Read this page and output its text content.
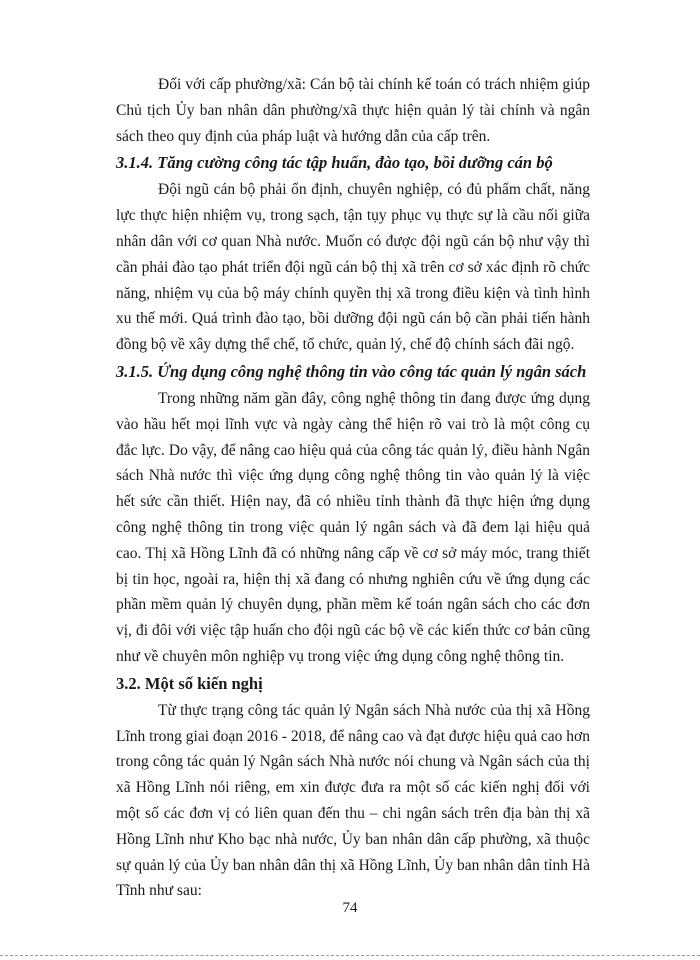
Đối với cấp phường/xã: Cán bộ tài chính kế toán có trách nhiệm giúp Chủ tịch Ủy ban nhân dân phường/xã thực hiện quản lý tài chính và ngân sách theo quy định của pháp luật và hướng dẫn của cấp trên.

3.1.4. Tăng cường công tác tập huấn, đào tạo, bồi dưỡng cán bộ

Đội ngũ cán bộ phải ổn định, chuyên nghiệp, có đủ phẩm chất, năng lực thực hiện nhiệm vụ, trong sạch, tận tụy phục vụ thực sự là cầu nối giữa nhân dân với cơ quan Nhà nước. Muốn có được đội ngũ cán bộ như vậy thì cần phải đào tạo phát triển đội ngũ cán bộ thị xã trên cơ sở xác định rõ chức năng, nhiệm vụ của bộ máy chính quyền thị xã trong điều kiện và tình hình xu thế mới. Quá trình đào tạo, bồi dưỡng đội ngũ cán bộ cần phải tiến hành đồng bộ về xây dựng thể chế, tổ chức, quản lý, chế độ chính sách đãi ngộ.

3.1.5. Ứng dụng công nghệ thông tin vào công tác quản lý ngân sách

Trong những năm gần đây, công nghệ thông tin đang được ứng dụng vào hầu hết mọi lĩnh vực và ngày càng thể hiện rõ vai trò là một công cụ đắc lực. Do vậy, để nâng cao hiệu quả của công tác quản lý, điều hành Ngân sách Nhà nước thì việc ứng dụng công nghệ thông tin vào quản lý là việc hết sức cần thiết. Hiện nay, đã có nhiều tỉnh thành đã thực hiện ứng dụng công nghệ thông tin trong việc quản lý ngân sách và đã đem lại hiệu quả cao. Thị xã Hồng Lĩnh đã có những nâng cấp về cơ sở máy móc, trang thiết bị tin học, ngoài ra, hiện thị xã đang có nhưng nghiên cứu về ứng dụng các phần mềm quản lý chuyên dụng, phần mềm kế toán ngân sách cho các đơn vị, đi đôi với việc tập huấn cho đội ngũ các bộ về các kiến thức cơ bản cũng như về chuyên môn nghiệp vụ trong việc ứng dụng công nghệ thông tin.

3.2. Một số kiến nghị

Từ thực trạng công tác quản lý Ngân sách Nhà nước của thị xã Hồng Lĩnh trong giai đoạn 2016 - 2018, để nâng cao và đạt được hiệu quả cao hơn trong công tác quản lý Ngân sách Nhà nước nói chung và Ngân sách của thị xã Hồng Lĩnh nói riêng, em xin được đưa ra một số các kiến nghị đối với một số các đơn vị có liên quan đến thu – chi ngân sách trên địa bàn thị xã Hồng Lĩnh như Kho bạc nhà nước, Ủy ban nhân dân cấp phường, xã thuộc sự quản lý của Ủy ban nhân dân thị xã Hồng Lĩnh, Ủy ban nhân dân tỉnh Hà Tĩnh như sau:

74
